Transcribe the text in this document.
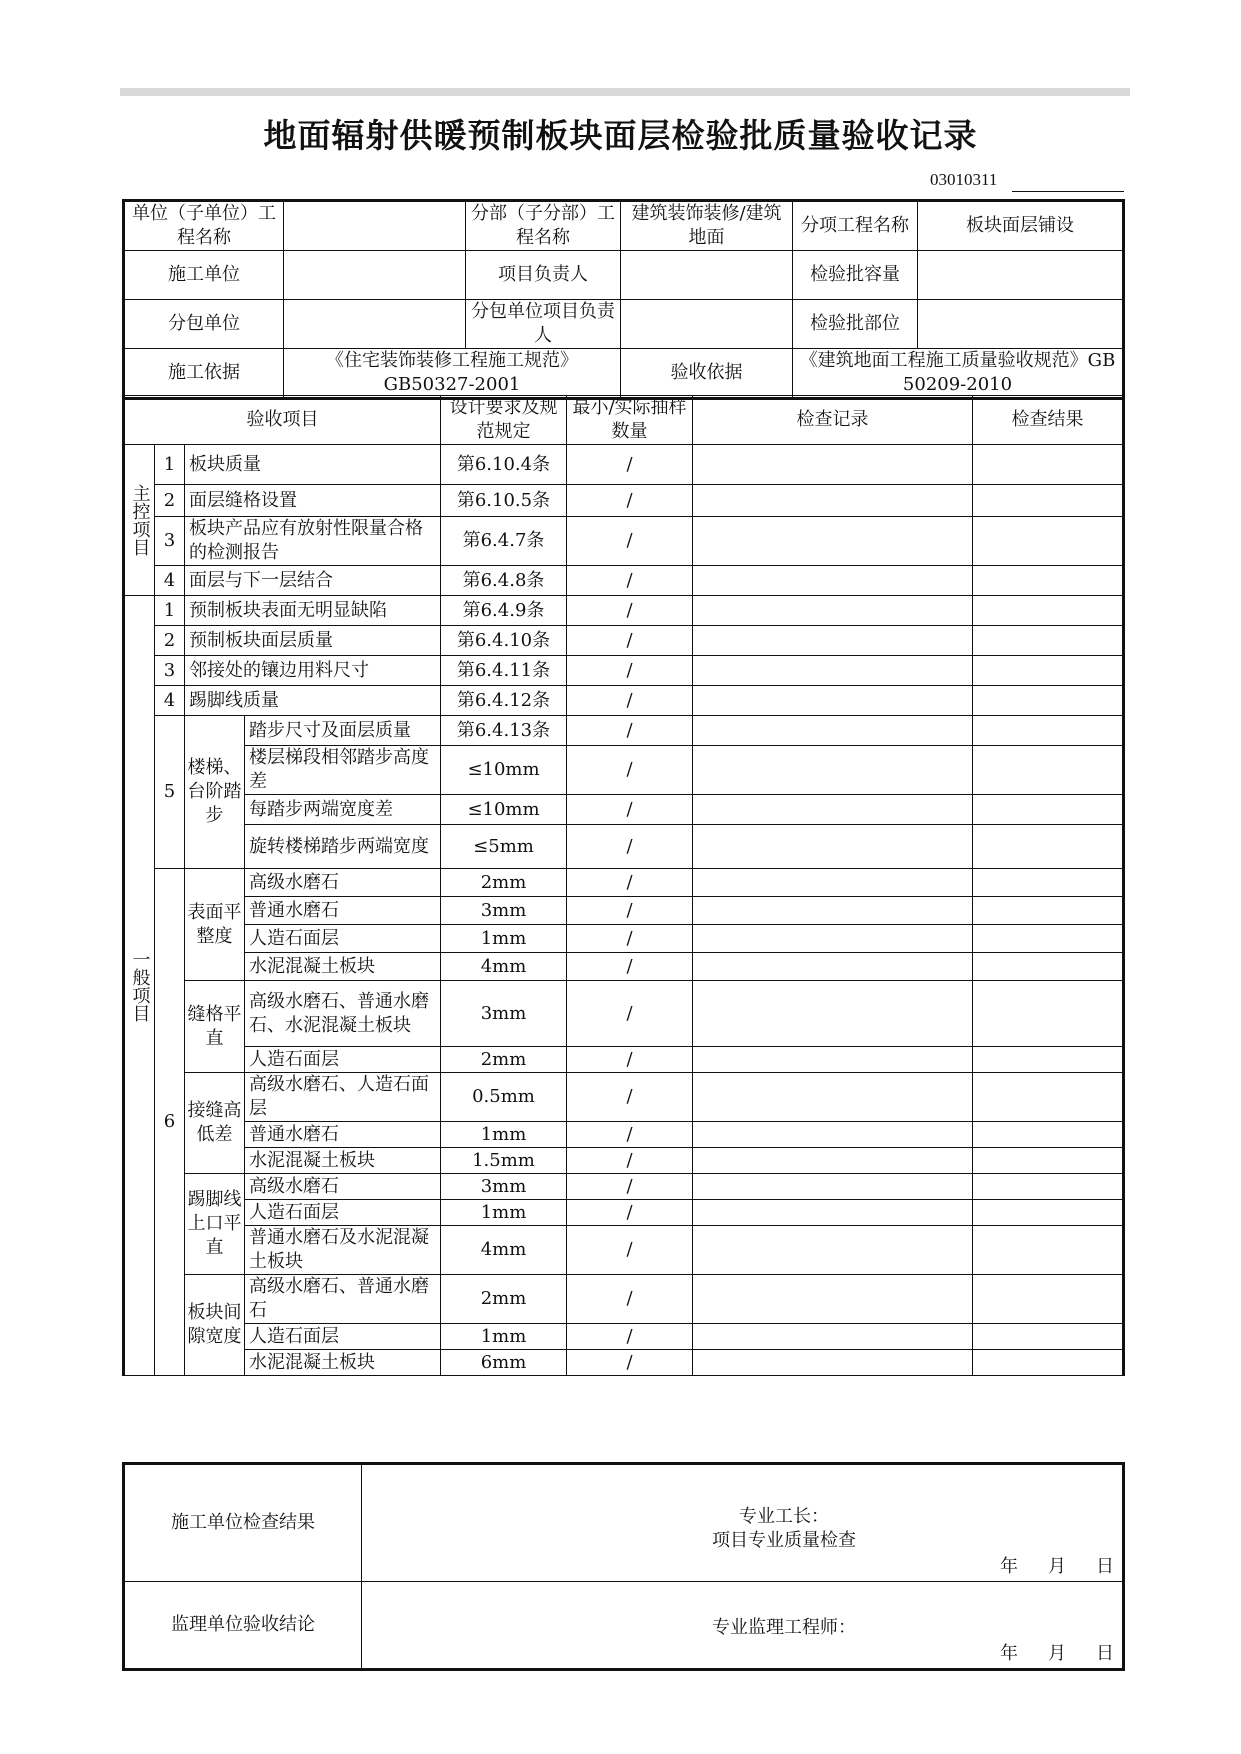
地面辐射供暖预制板块面层检验批质量验收记录
03010311
单位（子单位）工程名称		分部（子分部）工程名称	建筑装饰装修/建筑地面	分项工程名称	板块面层铺设
施工单位		项目负责人		检验批容量	
分包单位		分包单位项目负责人		检验批部位	
施工依据	《住宅装饰装修工程施工规范》GB50327-2001		验收依据	《建筑地面工程施工质量验收规范》GB 50209-2010	
验收项目				设计要求及规范规定	最小/实际抽样数量	检查记录	检查结果
主控项目	1	板块质量		第6.10.4条	/		
	2	面层缝格设置		第6.10.5条	/		
	3	板块产品应有放射性限量合格的检测报告		第6.4.7条	/		
	4	面层与下一层结合		第6.4.8条	/		
一般项目	1	预制板块表面无明显缺陷		第6.4.9条	/		
	2	预制板块面层质量		第6.4.10条	/		
	3	邻接处的镶边用料尺寸		第6.4.11条	/		
	4	踢脚线质量		第6.4.12条	/		
	5	楼梯、台阶踏步	踏步尺寸及面层质量	第6.4.13条	/		
			楼层梯段相邻踏步高度差	≤10mm	/		
			每踏步两端宽度差	≤10mm	/		
			旋转楼梯踏步两端宽度	≤5mm	/		
	6	表面平整度	高级水磨石	2mm	/		
			普通水磨石	3mm	/		
			人造石面层	1mm	/		
			水泥混凝土板块	4mm	/		
		缝格平直	高级水磨石、普通水磨石、水泥混凝土板块	3mm	/		
			人造石面层	2mm	/		
		接缝高低差	高级水磨石、人造石面层	0.5mm	/		
			普通水磨石	1mm	/		
			水泥混凝土板块	1.5mm	/		
		踢脚线上口平直	高级水磨石	3mm	/		
			人造石面层	1mm	/		
			普通水磨石及水泥混凝土板块	4mm	/		
		板块间隙宽度	高级水磨石、普通水磨石	2mm	/		
			人造石面层	1mm	/		
			水泥混凝土板块	6mm	/		
施工单位检查结果	专业工长：
项目专业质量检查
年 月 日

监理单位验收结论	专业监理工程师：
年 月 日
